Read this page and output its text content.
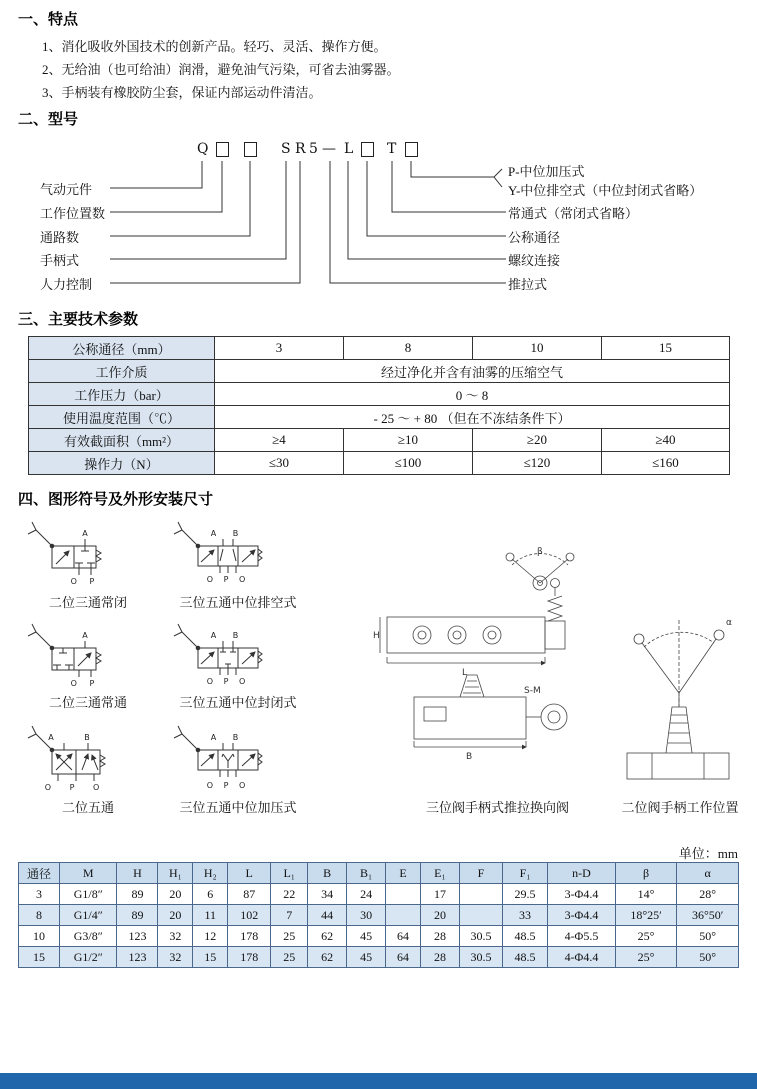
一、特点
1、消化吸收外国技术的创新产品。轻巧、灵活、操作方便。
2、无给油（也可给油）润滑，避免油气污染，可省去油雾器。
3、手柄装有橡胶防尘套，保证内部运动件清洁。
二、型号
Q	S R 5 — L T
气动元件
工作位置数
通路数
手柄式
人力控制
P-中位加压式
Y-中位排空式（中位封闭式省略）
常通式（常闭式省略）
公称通径
螺纹连接
推拉式
三、主要技术参数
公称通径（mm）	3	8	10	15
工作介质	经过净化并含有油雾的压缩空气			
工作压力（bar）	0 ～ 8			
使用温度范围（℃）	- 25 ～ + 80 （但在不冻结条件下）			
有效截面积（mm²）	≥4	≥10	≥20	≥40
操作力（N）	≤30	≤100	≤120	≤160
四、图形符号及外形安装尺寸
A
O P
二位三通常闭
A B
O P O
三位五通中位排空式
A
O P
二位三通常通
A B
O P O
三位五通中位封闭式
A B
O P O
二位五通
A B
O P O
三位五通中位加压式
β
L
H
B
S-M
三位阀手柄式推拉换向阀
α
二位阀手柄工作位置
单位：mm
通径	M	H	H₁	H₂	L	L₁	B	B₁	E	E₁	F	F₁	n-D	β	α
3	G1/8″	89	20	6	87	22	34	24		17		29.5	3-Φ4.4	14°	28°
8	G1/4″	89	20	11	102	7	44	30		20		33	3-Φ4.4	18°25′	36°50′
10	G3/8″	123	32	12	178	25	62	45	64	28	30.5	48.5	4-Φ5.5	25°	50°
15	G1/2″	123	32	15	178	25	62	45	64	28	30.5	48.5	4-Φ4.4	25°	50°
